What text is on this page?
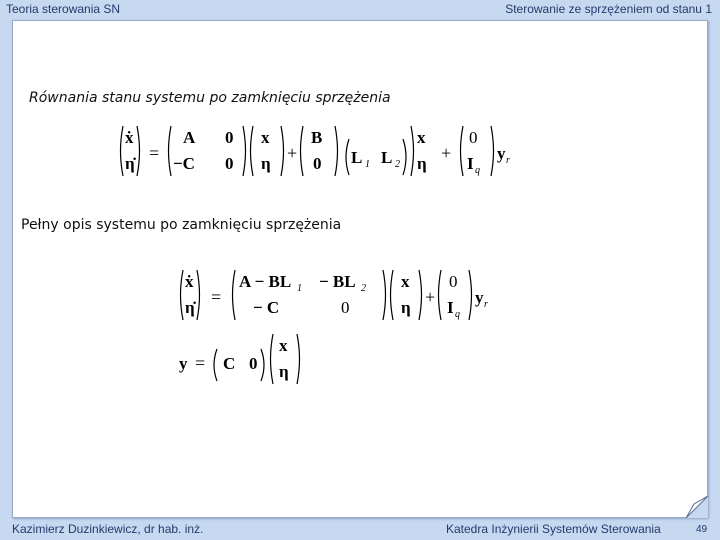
Teoria sterowania SN	Sterowanie ze sprzężeniem od stanu 1
Równania stanu systemu po zamknięciu sprzężenia
ẋ
η̇
=
A 0
−C 0
x
η
+
B
0 L 1 L 2
x
η
+
0
I q
y r
Pełny opis systemu po zamknięciu sprzężenia
ẋ
η̇
=
A − BL 1 − BL 2
− C	0
x
η
+
0
I q
y r
y = C 0
x
η
Kazimierz Duzinkiewicz, dr hab. inż.	Katedra Inżynierii Systemów Sterowania	49
